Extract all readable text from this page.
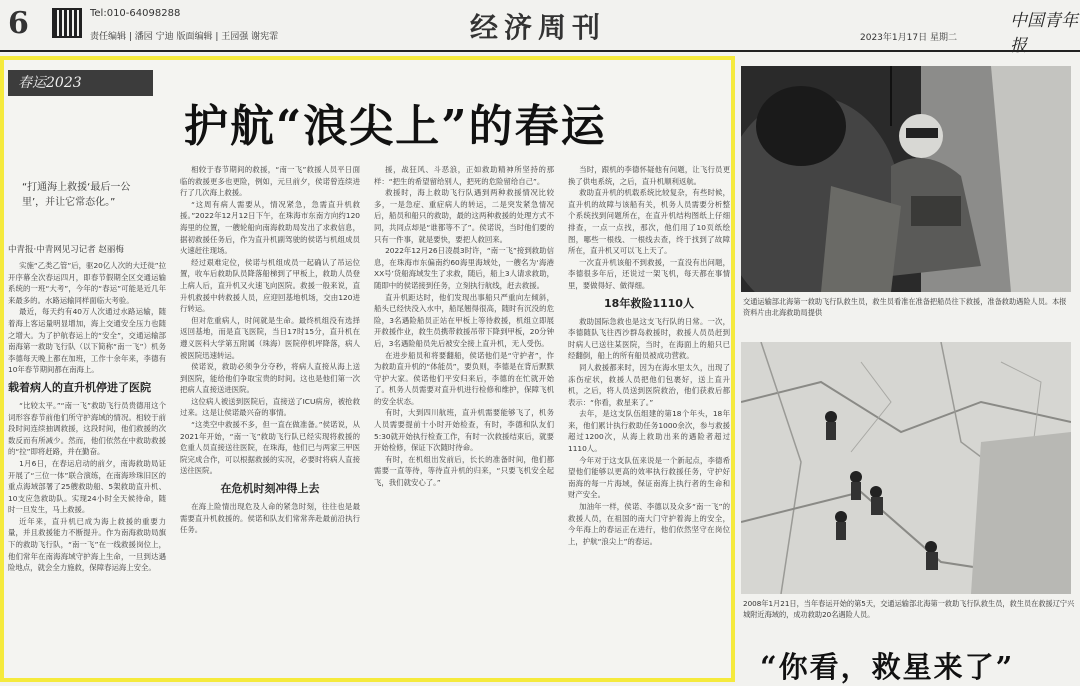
6	Tel:010-64098288
责任编辑 | 潘园 宁迪 版面编辑 | 王园强 谢宪霏	经济周刊	2023年1月17日 星期二
中国青年报
春运2023
护航“浪尖上”的春运
“打通海上救援‘最后一公里’，并让它常态化。”
中青报·中青网见习记者 赵丽梅

实施“乙类乙管”后，驱20亿人次的大迁徙”拉开序幕全次春运四月，即春节假期全区交通运输系统的一班“大考”，今年的“春运”可能是近几年来最多的。水路运输同样面临大考验。

最近，每天约有40万人次通过水路运输，随着海上客运量明显增加，海上交通安全压力也随之增大。为了护航春运上的“安全”，交通运输部南海第一救助飞行队（以下简称“南一飞”）机务李德每天晚上都在加班，工作十余年来，李德有10年春节期间都在南海上。

载着病人的直升机停进了医院

“比较太平。”“南一飞”救助飞行员贵德用这个词形容春节前他们所守护海域的情况。相较于前段时间连续抽调救援，这段时间，他们救援的次数反而有所减少。然而，他们依然在中救助救援的“拉”即将赶路，并在勤奋。

1月6日，在春运启动的前夕，南海救助局证开展了“三位一体”联合演练，在南海珍珠旧区的重点海域部署了25艘救助船、5架救助直升机、10支应急救助队。实现24小时全天候待命，随时一旦发生，马上救援。

近年来，直升机已成为海上救援的重要力量，并且救援能力不断提升。作为南海救助局旗下的救助飞行队，“南一飞”在一线救援岗位上，他们常年在南海海域守护海上生命，一旦到达遇险地点，就会全力施救，保障春运海上安全。

相较于春节期间的救援，“南一飞”救援人员平日面临的救援更多也更险，例如，元旦前夕，侯诺曾连续进行了几次海上救援。

“这周有病人需要从，情况紧急，急需直升机救援。”2022年12月12日下午，在珠海市东南方向约120海里的位置，一艘轮船向南海救助局发出了求救信息，据初救援任务后，作为直升机副驾驶的侯诺与机组成员火速赶往现场。

经过艰难定位，侯诺与机组成员一起确认了吊运位置，收车后救助队员降落船梯到了甲板上，救助人员登上病人后，直升机又火速飞向医院。救援一般来说，直升机救援中转救援人员，应迎回基地机场，交由120进行转运。

但对危重病人，时间就是生命。最终机组没有选择返回基地，而是直飞医院，当日17时15分，直升机在遵义医科大学第五附属（珠海）医院停机坪降落，病人被医院迅速转运。

侯诺说，救助必须争分夺秒，将病人直接从海上送到医院，能给他们争取宝贵的时间。这也是他们第一次把病人直接送进医院。

这位病人被送到医院后，直接送了ICU病房，被抢救过来。这是让侯诺最兴奋的事情。

“这类空中救援不多，但一直在做准备。”侯诺说，从2021年开始，“南一飞”救助飞行队已经实现将救援的危重人员直接送往医院，在珠海，他们已与两家三甲医院完成合作，可以根据救援的实况，必要时将病人直接送往医院。

在危机时刻冲得上去

在海上险情出现危及人命的紧急时刻，往往也是最需要直升机救援的。侯诺和队友们常常奔赴最前沿执行任务。

援，战狂风、斗恶浪，正如救助精神所坚持的那样：“把生的希望留给别人，把死的危险留给自己”。

救援时，海上救助飞行队遇到两种救援情况比较多，一是急症、重症病人的转运，二是突发紧急情况后，船员和船只的救助，最的这两种救援的处理方式不同，共同点却是“谁都等不了”。侯诺说，当时他们要的只有一件事，就是要快，要把人救回来。

2022年12月26日凌晨3时许，“南一飞”接到救助信息，在珠海市东偏南约60海里海域处，一艘名为‘海港XX号’货船海域发生了求救，随后，船上3人请求救助，随即中的侯诺接到任务，立刻执行航线，赶去救援。

直升机距达时，他们发现出事船只严重向左倾斜，船头已经快没入水中，船尾翘得很高，随时有沉没的危险，3名遇险船员正站在甲板上等待救援，机组立即展开救援作业，救生员携带救援吊带下降到甲板，20分钟后，3名遇险船员先后被安全接上直升机，无人受伤。

在进步船员和将要翻船，侯诺他们是“守护者”，作为救助直升机的“体能员”，要负则，李德是在背后默默守护大家。侯诺他们平安归来后，李德的在忙就开始了。机务人员需要对直升机进行检修和维护，保障飞机的安全状态。

有时，大到四川航班，直升机需要能够飞了，机务人员需要提前十小时开始检查，有时，李德和队友们5:30就开始执行检查工作，有时一次救援结束后，就要开始检修，保证下次随时待命。

有时，在机组出发前后，长长的准备时间，他们都需要一直等待，等待直升机的归来，“只要飞机安全起飞，我们就安心了。”

当时，跟机的李德怀疑他有问题，让飞行员更换了供电系统，之后，直升机顺利返航。

救助直升机的机载系统比较复杂，有些时候，直升机的故障与该船有关，机务人员需要分析整个系统找到问题所在，在直升机结构图纸上仔细排查，一点一点找，那次，他们用了10页纸绘图，哪些一根线、一根线去查，终于找到了故障所在，直升机又可以飞上天了。

一次直升机该船不到救援，一直没有出问题，李德很多年后，还说过一架飞机，每天都在事情里，要做得好、做得细。

18年救险1110人

救助国际急救也是这支飞行队的日常。一次，李德随队飞往西沙群岛救援时，救援人员员赶到时病人已送往某医院，当时，在海面上的船只已经翻倒，船上的所有船员被成功营救。

同人救援都来时，因为在海水里太久，出现了冻伤症状，救援人员把他们包裹好，送上直升机，之后，将人员送到医院救治，他们获救后都表示：“你看，救星来了。”

去年，是这支队伍组建的第18个年头，18年来，他们累计执行救助任务1000余次，参与救援超过1200次，从海上救助出来的遇险者超过1110人。

今年对于这支队伍来说是一个新起点，李德希望他们能够以更高的效率执行救援任务，守护好南海的每一片海域，保证南海上执行者的生命和财产安全。

加油年一样，侯诺、李德以及众多“南一飞”的救援人员，在祖国的南大门守护着海上的安全，今年海上的春运正在进行，他们依然坚守在岗位上，护航“浪尖上”的春运。

交通运输部北海第一救助飞行队救生员，救生员看准在准备把船员往下救援，准备救助遇险人员。本报资料片由北海救助局提供
2008年1月21日，当年春运开始的第5天，交通运输部北海第一救助飞行队救生员，救生员在救援辽宁兴城附近海域的，成功救助20名遇险人员。
“你看，救星来了”
